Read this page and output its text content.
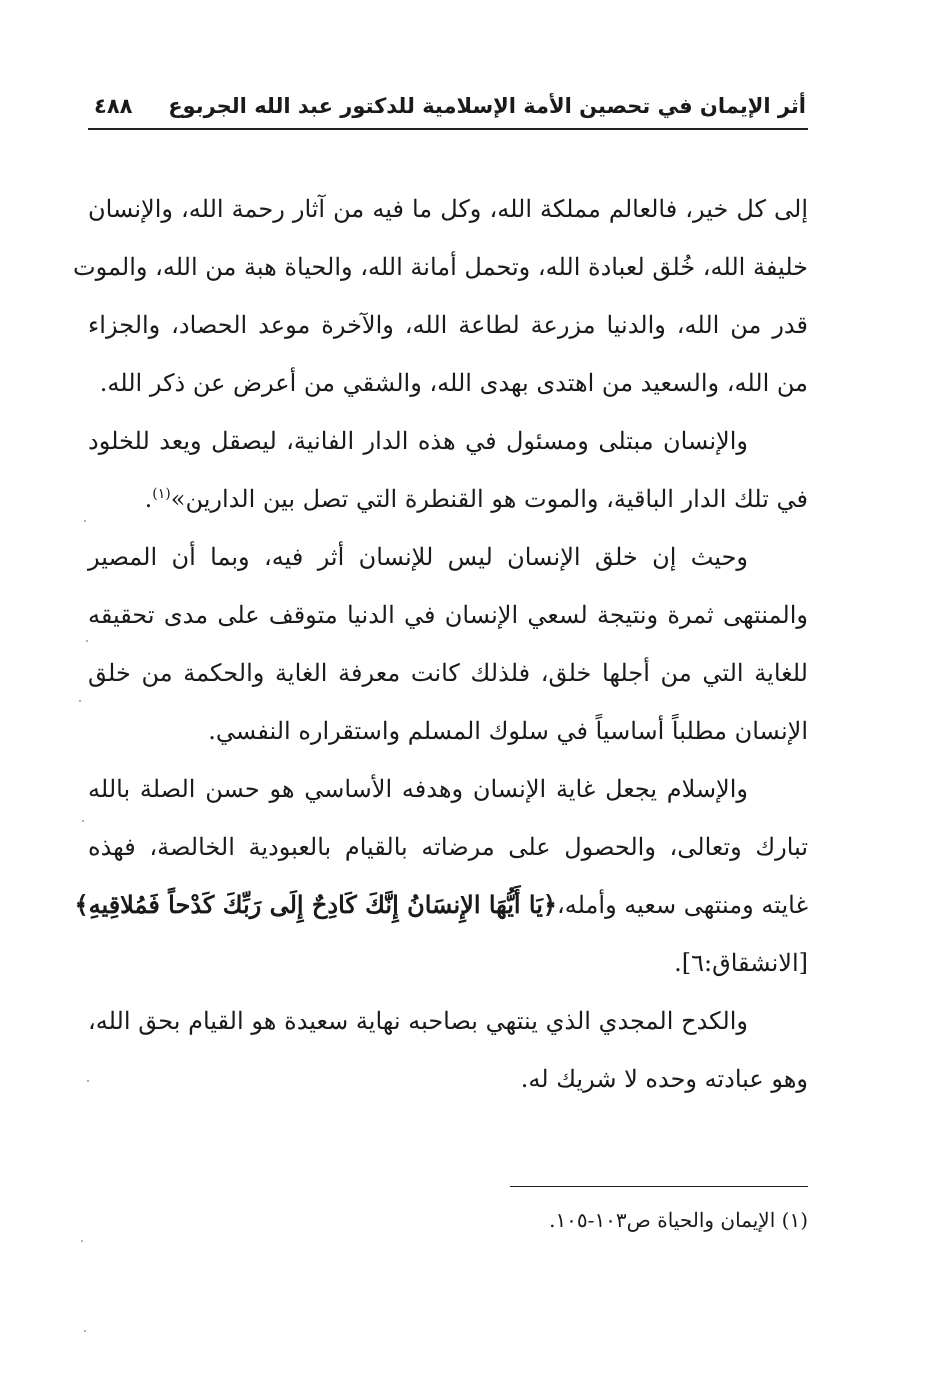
أثر الإيمان في تحصين الأمة الإسلامية للدكتور عبد الله الجربوع
٤٨٨
إلى كل خير، فالعالم مملكة الله، وكل ما فيه من آثار رحمة الله، والإنسان
خليفة الله، خُلق لعبادة الله، وتحمل أمانة الله، والحياة هبة من الله، والموت
قدر من الله، والدنيا مزرعة لطاعة الله، والآخرة موعد الحصاد، والجزاء
من الله، والسعيد من اهتدى بهدى الله، والشقي من أعرض عن ذكر الله.
والإنسان مبتلى ومسئول في هذه الدار الفانية، ليصقل ويعد للخلود
في تلك الدار الباقية، والموت هو القنطرة التي تصل بين الدارين»$^{(١)}$.
وحيث إن خلق الإنسان ليس للإنسان أثر فيه، وبما أن المصير
والمنتهى ثمرة ونتيجة لسعي الإنسان في الدنيا متوقف على مدى تحقيقه
للغاية التي من أجلها خلق، فلذلك كانت معرفة الغاية والحكمة من خلق
الإنسان مطلباً أساسياً في سلوك المسلم واستقراره النفسي.
والإسلام يجعل غاية الإنسان وهدفه الأساسي هو حسن الصلة بالله
تبارك وتعالى، والحصول على مرضاته بالقيام بالعبودية الخالصة، فهذه
غايته ومنتهى سعيه وأمله،﴿يَا أَيُّهَا الإِنسَانُ إِنَّكَ كَادِحٌ إِلَى رَبِّكَ كَدْحاً فَمُلاقِيهِ﴾
[الانشقاق:٦].
والكدح المجدي الذي ينتهي بصاحبه نهاية سعيدة هو القيام بحق الله،
وهو عبادته وحده لا شريك له.
(١) الإيمان والحياة ص١٠٣-١٠٥.
